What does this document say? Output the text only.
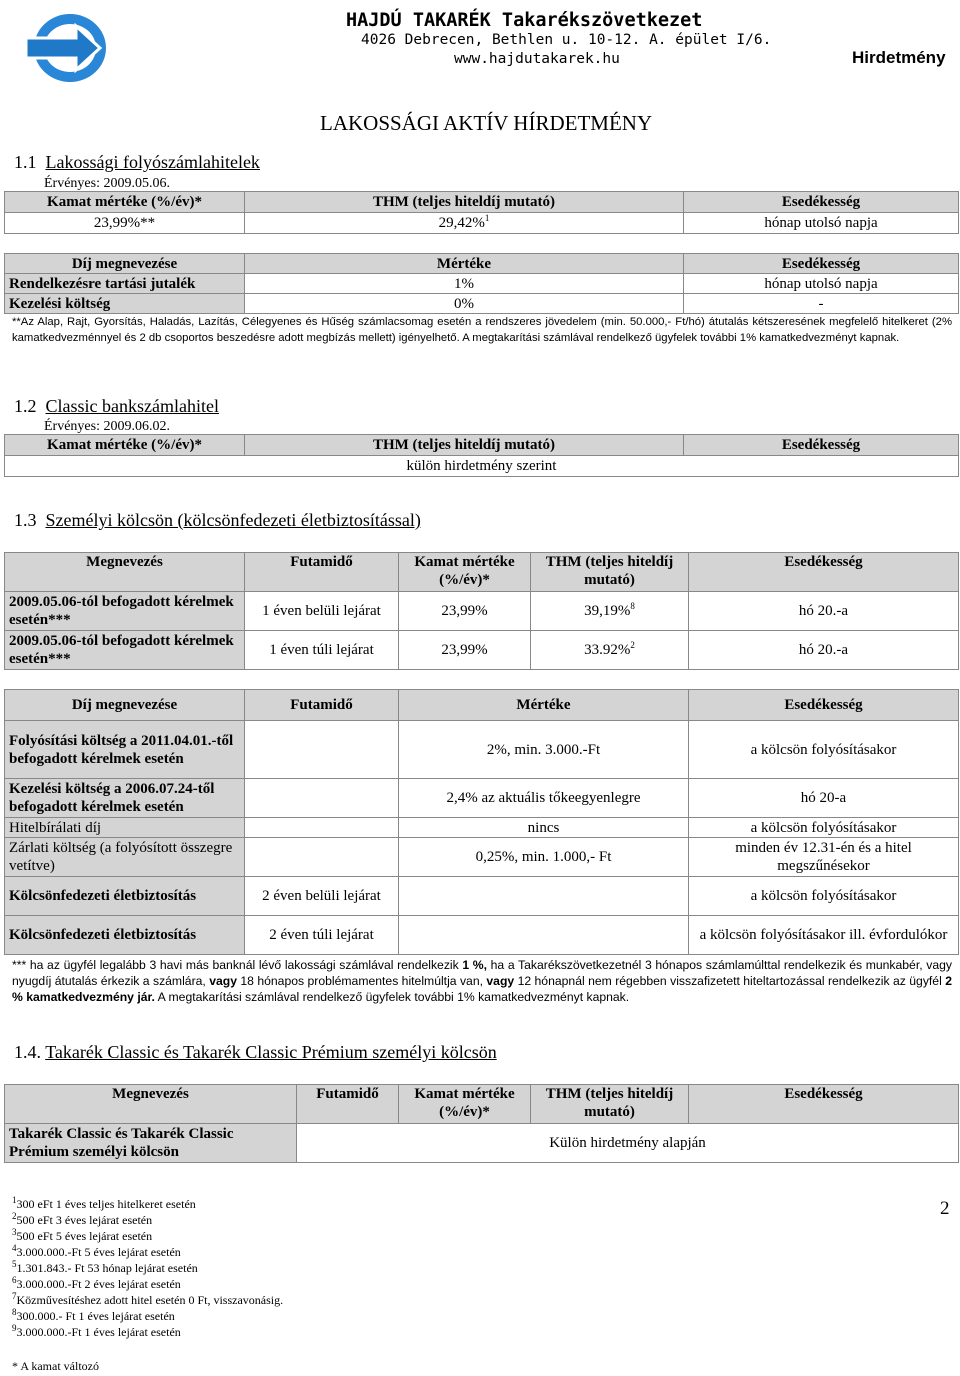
HAJDÚ TAKARÉK Takarékszövetkezet
4026 Debrecen, Bethlen u. 10-12. A. épület I/6.
www.hajdutakarek.hu	Hirdetmény
LAKOSSÁGI AKTÍV HÍRDETMÉNY
1.1 Lakossági folyószámlahitelek
Érvényes: 2009.05.06.
Kamat mértéke (%/év)*	THM (teljes hiteldíj mutató)	Esedékesség
23,99%**	29,42%$^1$	hónap utolsó napja
Díj megnevezése	Mértéke	Esedékesség
Rendelkezésre tartási jutalék	1%	hónap utolsó napja
Kezelési költség	0%	-
**Az Alap, Rajt, Gyorsítás, Haladás, Lazítás, Célegyenes és Hűség számlacsomag esetén a rendszeres jövedelem (min. 50.000,- Ft/hó) átutalás kétszeresének megfelelő hitelkeret (2% kamatkedvezménnyel és 2 db csoportos beszedésre adott megbízás mellett) igényelhető. A megtakarítási számlával rendelkező ügyfelek további 1% kamatkedvezményt kapnak.
1.2 Classic bankszámlahitel
Érvényes: 2009.06.02.
Kamat mértéke (%/év)*	THM (teljes hiteldíj mutató)	Esedékesség
külön hirdetmény szerint
1.3 Személyi kölcsön (kölcsönfedezeti életbiztosítással)
Megnevezés	Futamidő	Kamat mértéke (%/év)*	THM (teljes hiteldíj mutató)	Esedékesség
2009.05.06-tól befogadott kérelmek esetén***	1 éven belüli lejárat	23,99%	39,19%$^8$	hó 20.-a
2009.05.06-tól befogadott kérelmek esetén***	1 éven túli lejárat	23,99%	33.92%$^2$	hó 20.-a
Díj megnevezése	Futamidő	Mértéke	Esedékesség
Folyósítási költség a 2011.04.01.-től befogadott kérelmek esetén		2%, min. 3.000.-Ft	a kölcsön folyósításakor
Kezelési költség a 2006.07.24-től befogadott kérelmek esetén		2,4% az aktuális tőkeegyenlegre	hó 20-a
Hitelbírálati díj		nincs	a kölcsön folyósításakor
Zárlati költség (a folyósított összegre vetítve)		0,25%, min. 1.000,- Ft	minden év 12.31-én és a hitel megszűnésekor
Kölcsönfedezeti életbiztosítás	2 éven belüli lejárat		a kölcsön folyósításakor
Kölcsönfedezeti életbiztosítás	2 éven túli lejárat		a kölcsön folyósításakor ill. évfordulókor
*** ha az ügyfél legalább 3 havi más banknál lévő lakossági számlával rendelkezik 1 %, ha a Takarékszövetkezetnél 3 hónapos számlamúlttal rendelkezik és munkabér, vagy nyugdíj átutalás érkezik a számlára, vagy 18 hónapos problémamentes hitelmúltja van, vagy 12 hónapnál nem régebben visszafizetett hiteltartozással rendelkezik az ügyfél 2 % kamatkedvezmény jár. A megtakarítási számlával rendelkező ügyfelek további 1% kamatkedvezményt kapnak.
1.4. Takarék Classic és Takarék Classic Prémium személyi kölcsön
Megnevezés	Futamidő	Kamat mértéke (%/év)*	THM (teljes hiteldíj mutató)	Esedékesség
Takarék Classic és Takarék Classic Prémium személyi kölcsön	Külön hirdetmény alapján			
$^1$300 eFt 1 éves teljes hitelkeret esetén
$^2$500 eFt 3 éves lejárat esetén
$^3$500 eFt 5 éves lejárat esetén
$^4$3.000.000.-Ft 5 éves lejárat esetén
$^5$1.301.843.- Ft 53 hónap lejárat esetén
$^6$3.000.000.-Ft 2 éves lejárat esetén
$^7$Közművesítéshez adott hitel esetén 0 Ft, visszavonásig.
$^8$300.000.- Ft 1 éves lejárat esetén
$^9$3.000.000.-Ft 1 éves lejárat esetén
2
* A kamat változó
